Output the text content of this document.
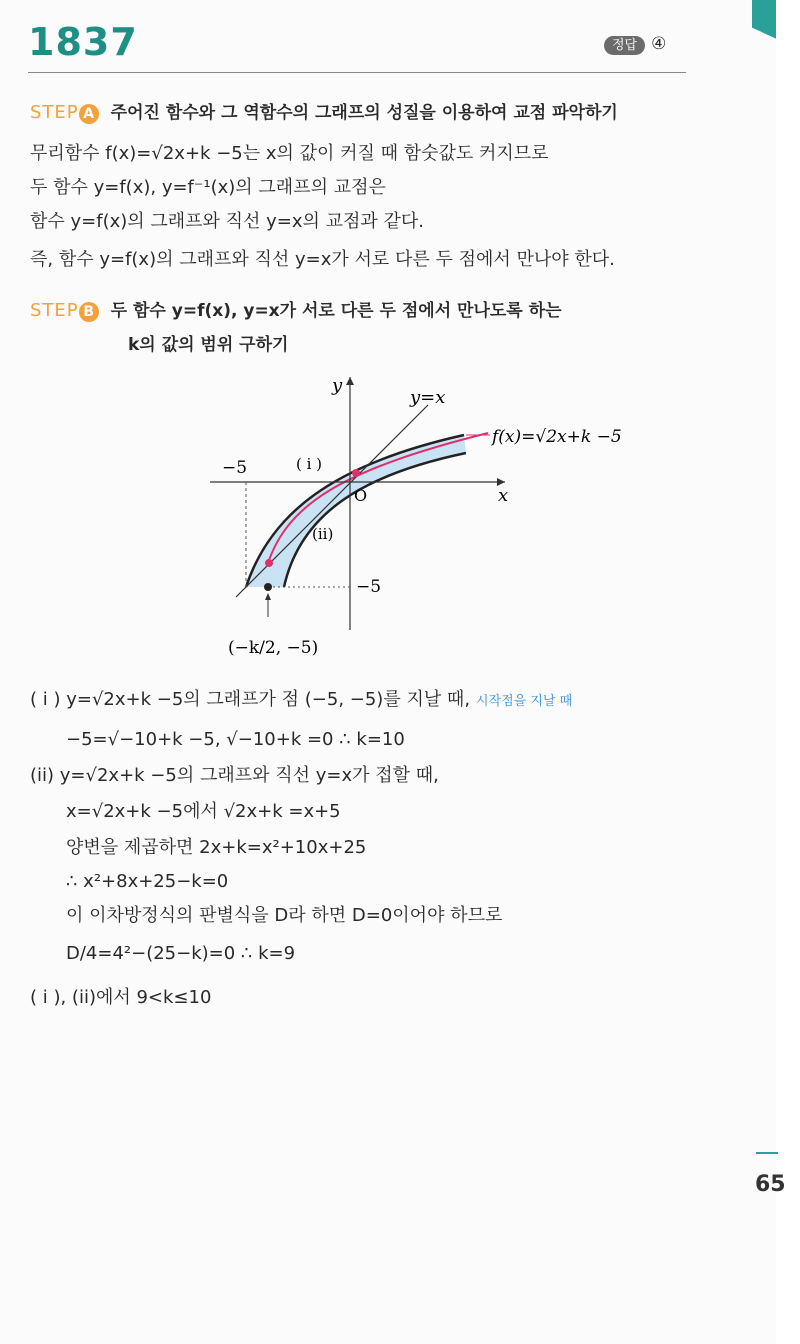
65
1837	정답 ④
STEP A 주어진 함수와 그 역함수의 그래프의 성질을 이용하여 교점 파악하기
무리함수 f(x)=√2x+k −5는 x의 값이 커질 때 함숫값도 커지므로
두 함수 y=f(x), y=f⁻¹(x)의 그래프의 교점은
함수 y=f(x)의 그래프와 직선 y=x의 교점과 같다.
즉, 함수 y=f(x)의 그래프와 직선 y=x가 서로 다른 두 점에서 만나야 한다.
STEP B 두 함수 y=f(x), y=x가 서로 다른 두 점에서 만나도록 하는
k의 값의 범위 구하기
y
x
O
y=x
f(x)=√2x+k −5
−5
−5
( i )
(ii)
(−k/2, −5)
( i ) y=√2x+k −5의 그래프가 점 (−5, −5)를 지날 때, 시작점을 지날 때
−5=√−10+k −5, √−10+k =0 ∴ k=10
(ii) y=√2x+k −5의 그래프와 직선 y=x가 접할 때,
x=√2x+k −5에서 √2x+k =x+5
양변을 제곱하면 2x+k=x²+10x+25
∴ x²+8x+25−k=0
이 이차방정식의 판별식을 D라 하면 D=0이어야 하므로
D/4=4²−(25−k)=0 ∴ k=9
( i ), (ii)에서 9<k≤10
